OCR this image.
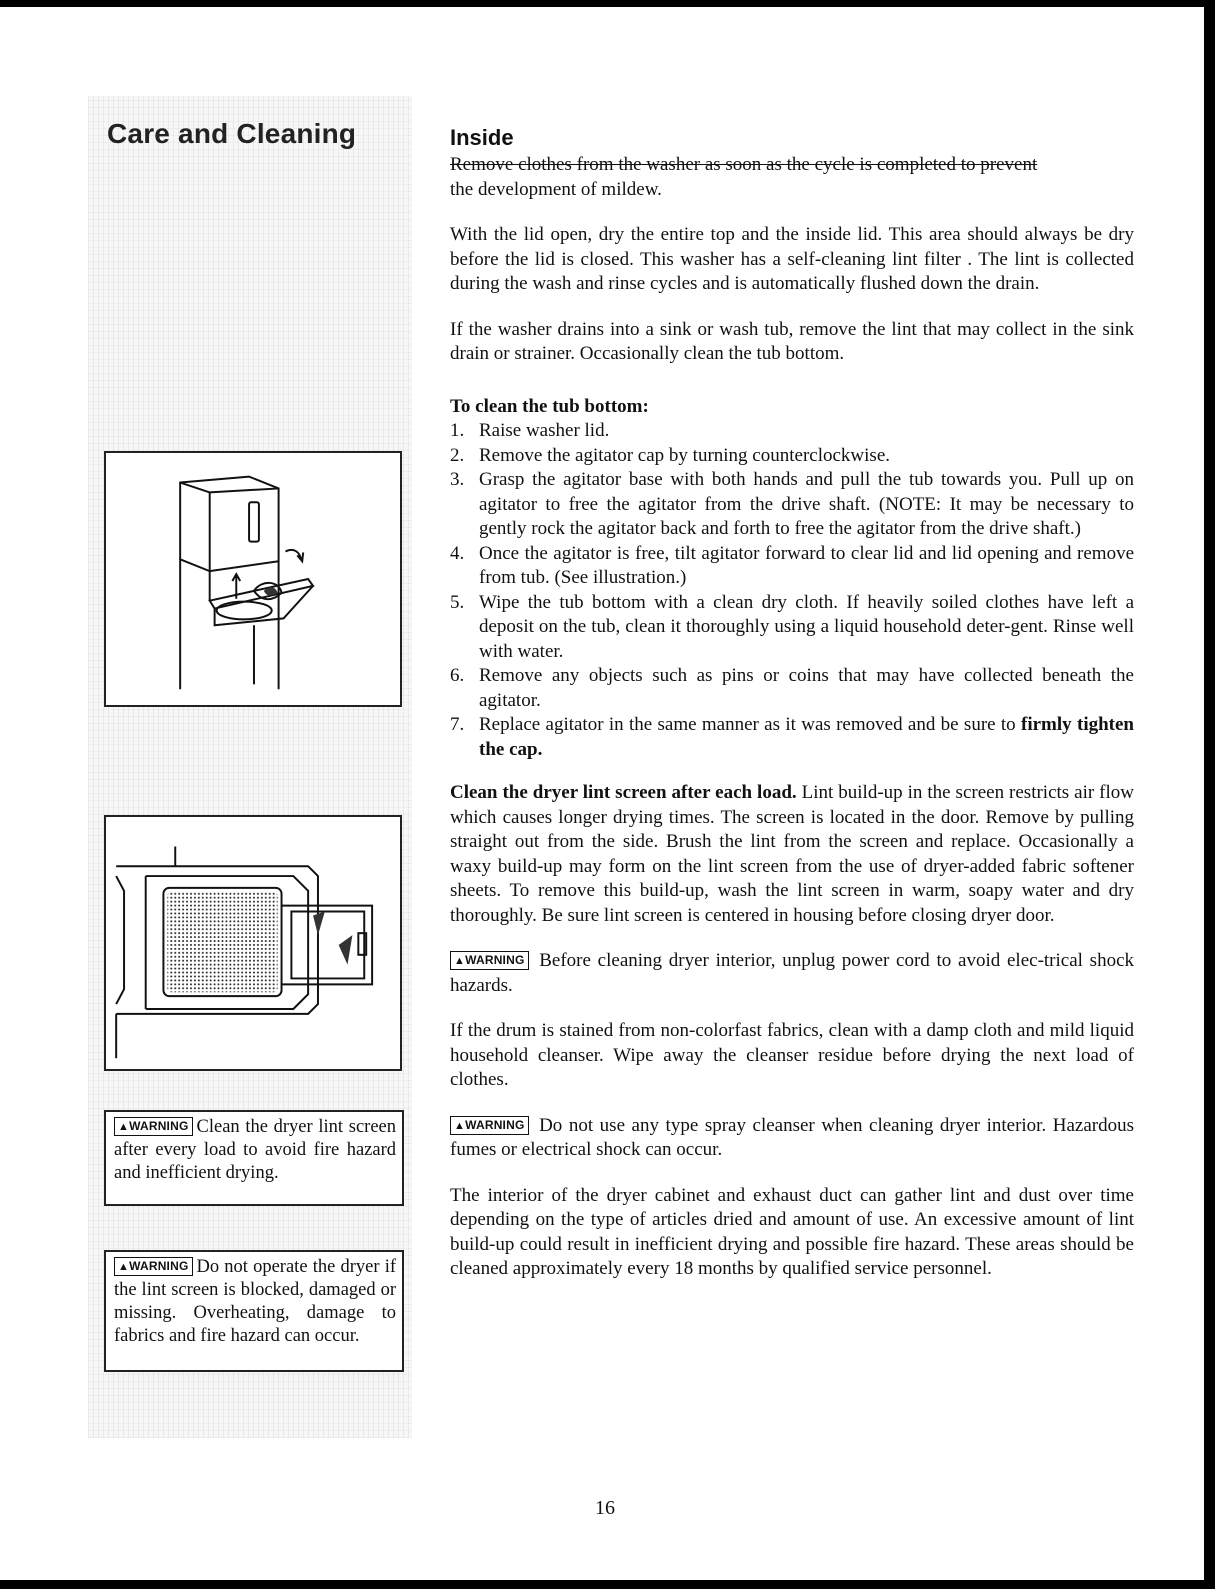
Care and Cleaning
▲WARNING Clean the dryer lint screen after every load to avoid fire hazard and inefficient drying.
▲WARNING Do not operate the dryer if the lint screen is blocked, damaged or missing. Overheating, damage to fabrics and fire hazard can occur.
Inside

Remove clothes from the washer as soon as the cycle is completed to prevent
the development of mildew.

With the lid open, dry the entire top and the inside lid. This area should always be dry before the lid is closed. This washer has a self-cleaning lint filter . The lint is collected during the wash and rinse cycles and is automatically flushed down the drain.

If the washer drains into a sink or wash tub, remove the lint that may collect in the sink drain or strainer. Occasionally clean the tub bottom.

To clean the tub bottom:

1. Raise washer lid.
2. Remove the agitator cap by turning counterclockwise.
3. Grasp the agitator base with both hands and pull the tub towards you. Pull up on agitator to free the agitator from the drive shaft. (NOTE: It may be necessary to gently rock the agitator back and forth to free the agitator from the drive shaft.)
4. Once the agitator is free, tilt agitator forward to clear lid and lid opening and remove from tub. (See illustration.)
5. Wipe the tub bottom with a clean dry cloth. If heavily soiled clothes have left a deposit on the tub, clean it thoroughly using a liquid household deter-gent. Rinse well with water.
6. Remove any objects such as pins or coins that may have collected beneath the agitator.
7. Replace agitator in the same manner as it was removed and be sure to firmly tighten the cap.

Clean the dryer lint screen after each load. Lint build-up in the screen restricts air flow which causes longer drying times. The screen is located in the door. Remove by pulling straight out from the side. Brush the lint from the screen and replace. Occasionally a waxy build-up may form on the lint screen from the use of dryer-added fabric softener sheets. To remove this build-up, wash the lint screen in warm, soapy water and dry thoroughly. Be sure lint screen is centered in housing before closing dryer door.

▲WARNING Before cleaning dryer interior, unplug power cord to avoid elec-trical shock hazards.

If the drum is stained from non-colorfast fabrics, clean with a damp cloth and mild liquid household cleanser. Wipe away the cleanser residue before drying the next load of clothes.

▲WARNING Do not use any type spray cleanser when cleaning dryer interior. Hazardous fumes or electrical shock can occur.

The interior of the dryer cabinet and exhaust duct can gather lint and dust over time depending on the type of articles dried and amount of use. An excessive amount of lint build-up could result in inefficient drying and possible fire hazard. These areas should be cleaned approximately every 18 months by qualified service personnel.

16
